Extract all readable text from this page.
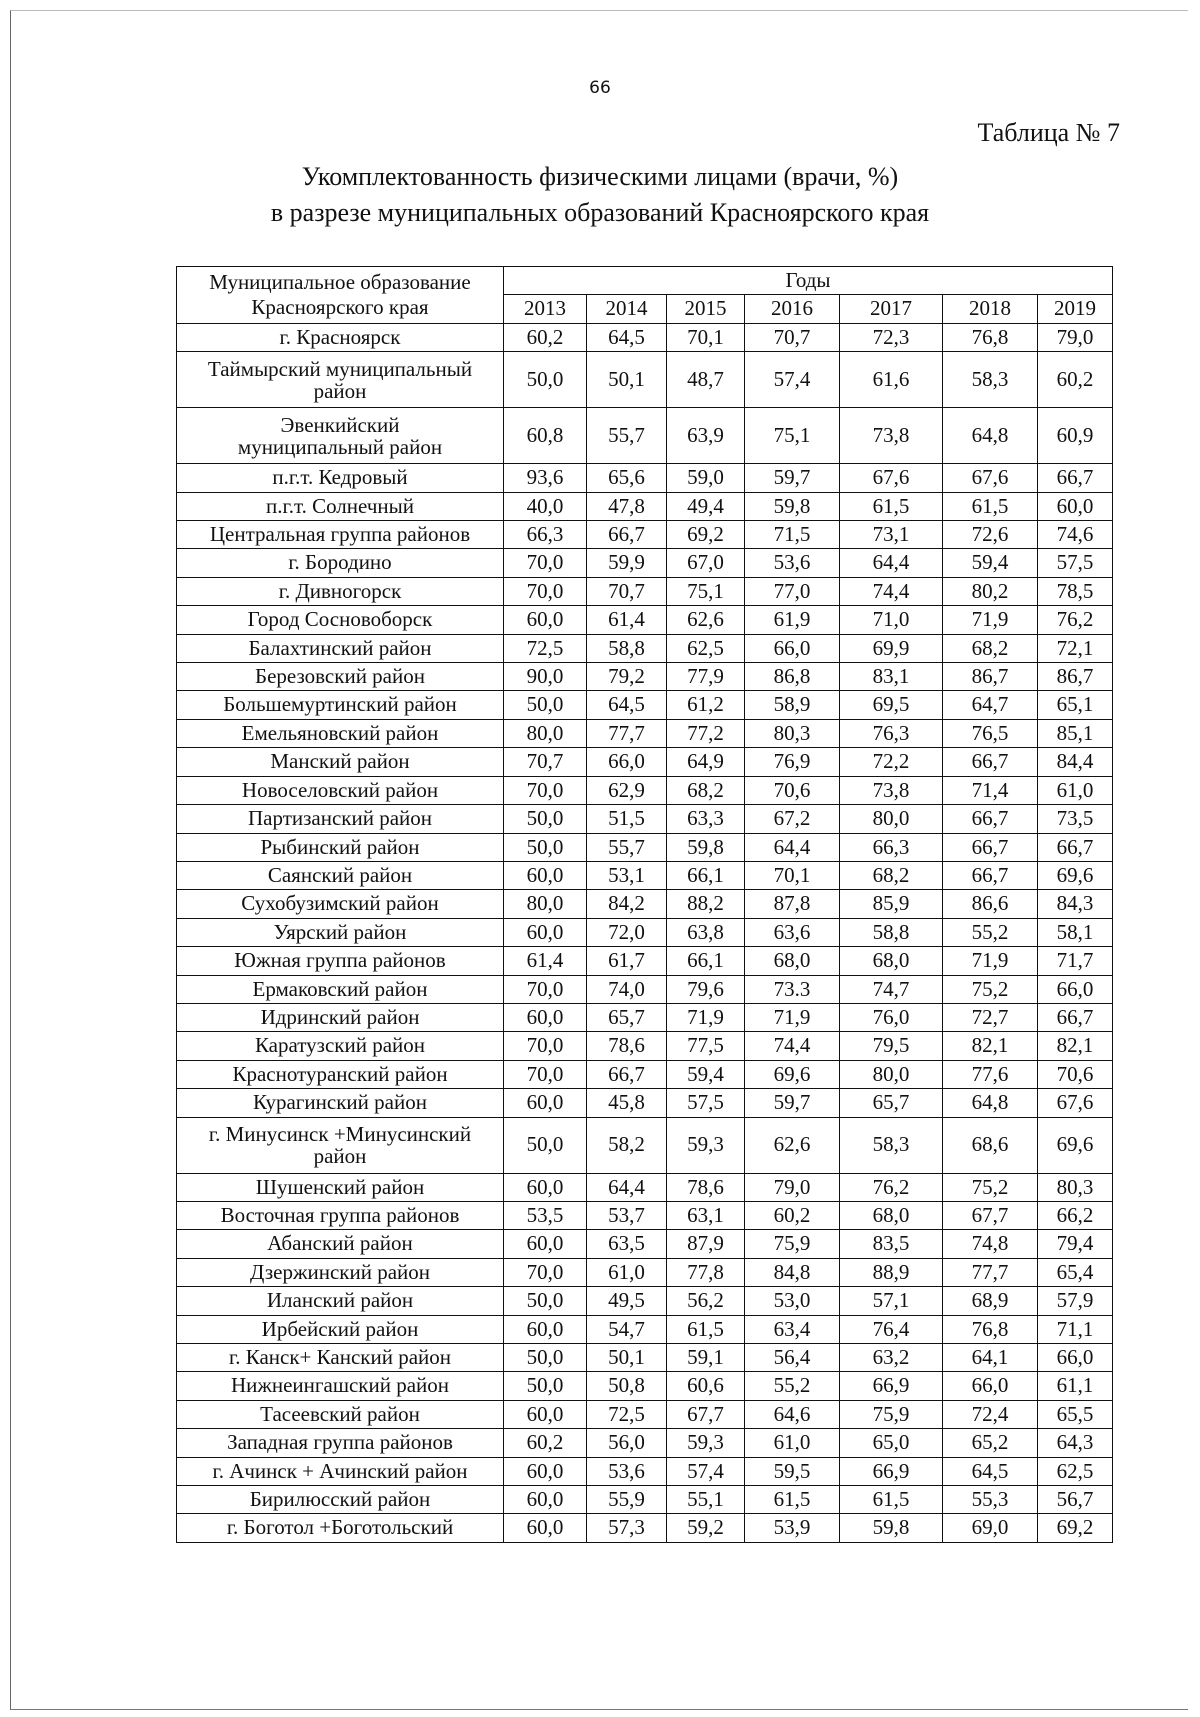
66
Таблица № 7
Укомплектованность физическими лицами (врачи, %)
в разрезе муниципальных образований Красноярского края
Муниципальное образование
Красноярского края	Годы						
	2013	2014	2015	2016	2017	2018	2019

г. Красноярск	60,2	64,5	70,1	70,7	72,3	76,8	79,0

Таймырский муниципальный
район	50,0	50,1	48,7	57,4	61,6	58,3	60,2

Эвенкийский
муниципальный район	60,8	55,7	63,9	75,1	73,8	64,8	60,9

п.г.т. Кедровый	93,6	65,6	59,0	59,7	67,6	67,6	66,7

п.г.т. Солнечный	40,0	47,8	49,4	59,8	61,5	61,5	60,0

Центральная группа районов	66,3	66,7	69,2	71,5	73,1	72,6	74,6

г. Бородино	70,0	59,9	67,0	53,6	64,4	59,4	57,5

г. Дивногорск	70,0	70,7	75,1	77,0	74,4	80,2	78,5

Город Сосновоборск	60,0	61,4	62,6	61,9	71,0	71,9	76,2

Балахтинский район	72,5	58,8	62,5	66,0	69,9	68,2	72,1

Березовский район	90,0	79,2	77,9	86,8	83,1	86,7	86,7

Большемуртинский район	50,0	64,5	61,2	58,9	69,5	64,7	65,1

Емельяновский район	80,0	77,7	77,2	80,3	76,3	76,5	85,1

Манский район	70,7	66,0	64,9	76,9	72,2	66,7	84,4

Новоселовский район	70,0	62,9	68,2	70,6	73,8	71,4	61,0

Партизанский район	50,0	51,5	63,3	67,2	80,0	66,7	73,5

Рыбинский район	50,0	55,7	59,8	64,4	66,3	66,7	66,7

Саянский район	60,0	53,1	66,1	70,1	68,2	66,7	69,6

Сухобузимский район	80,0	84,2	88,2	87,8	85,9	86,6	84,3

Уярский район	60,0	72,0	63,8	63,6	58,8	55,2	58,1

Южная группа районов	61,4	61,7	66,1	68,0	68,0	71,9	71,7

Ермаковский район	70,0	74,0	79,6	73.3	74,7	75,2	66,0

Идринский район	60,0	65,7	71,9	71,9	76,0	72,7	66,7

Каратузский район	70,0	78,6	77,5	74,4	79,5	82,1	82,1

Краснотуранский район	70,0	66,7	59,4	69,6	80,0	77,6	70,6

Курагинский район	60,0	45,8	57,5	59,7	65,7	64,8	67,6

г. Минусинск +Минусинский
район	50,0	58,2	59,3	62,6	58,3	68,6	69,6

Шушенский район	60,0	64,4	78,6	79,0	76,2	75,2	80,3

Восточная группа районов	53,5	53,7	63,1	60,2	68,0	67,7	66,2

Абанский район	60,0	63,5	87,9	75,9	83,5	74,8	79,4

Дзержинский район	70,0	61,0	77,8	84,8	88,9	77,7	65,4

Иланский район	50,0	49,5	56,2	53,0	57,1	68,9	57,9

Ирбейский район	60,0	54,7	61,5	63,4	76,4	76,8	71,1

г. Канск+ Канский район	50,0	50,1	59,1	56,4	63,2	64,1	66,0

Нижнеингашский район	50,0	50,8	60,6	55,2	66,9	66,0	61,1

Тасеевский район	60,0	72,5	67,7	64,6	75,9	72,4	65,5

Западная группа районов	60,2	56,0	59,3	61,0	65,0	65,2	64,3

г. Ачинск + Ачинский район	60,0	53,6	57,4	59,5	66,9	64,5	62,5

Бирилюсский район	60,0	55,9	55,1	61,5	61,5	55,3	56,7

г. Боготол +Боготольский	60,0	57,3	59,2	53,9	59,8	69,0	69,2
